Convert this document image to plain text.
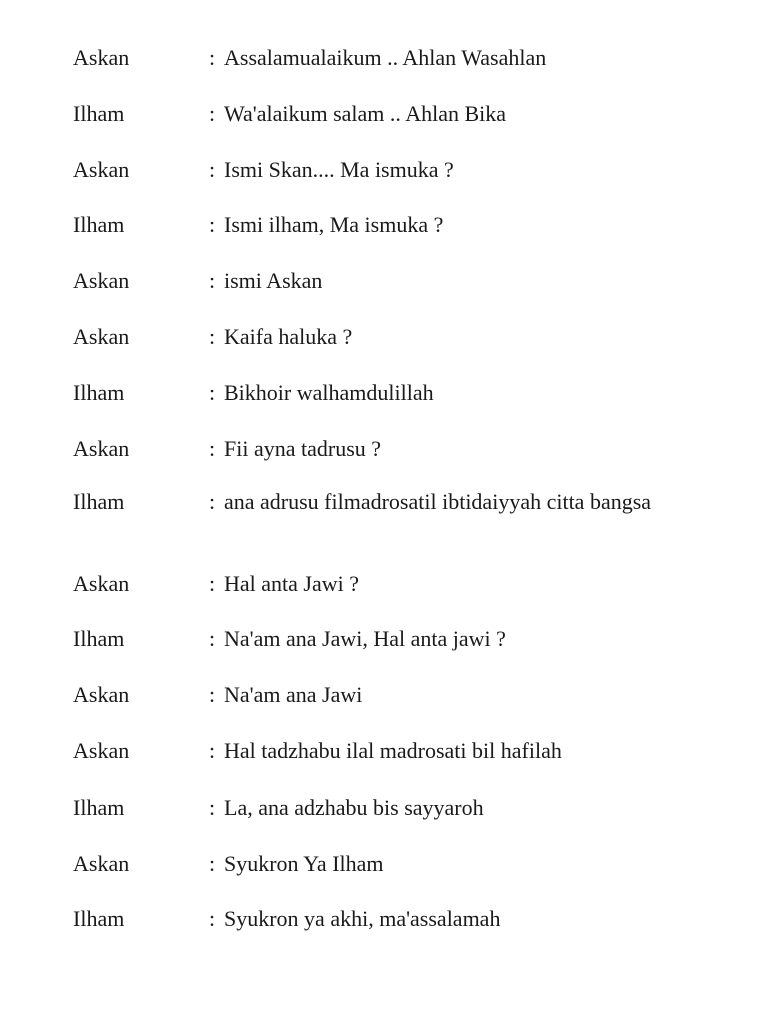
Askan	: Assalamualaikum .. Ahlan Wasahlan
Ilham	: Wa'alaikum salam .. Ahlan Bika
Askan	: Ismi Skan.... Ma ismuka ?
Ilham	: Ismi ilham, Ma ismuka ?
Askan	: ismi Askan
Askan	: Kaifa haluka ?
Ilham	: Bikhoir walhamdulillah
Askan	: Fii ayna tadrusu ?
Ilham	: ana adrusu filmadrosatil ibtidaiyyah citta bangsa
Askan	: Hal anta Jawi ?
Ilham	: Na'am ana Jawi, Hal anta jawi ?
Askan	: Na'am ana Jawi
Askan	: Hal tadzhabu ilal madrosati bil hafilah
Ilham	: La, ana adzhabu bis sayyaroh
Askan	: Syukron Ya Ilham
Ilham	: Syukron ya akhi, ma'assalamah
